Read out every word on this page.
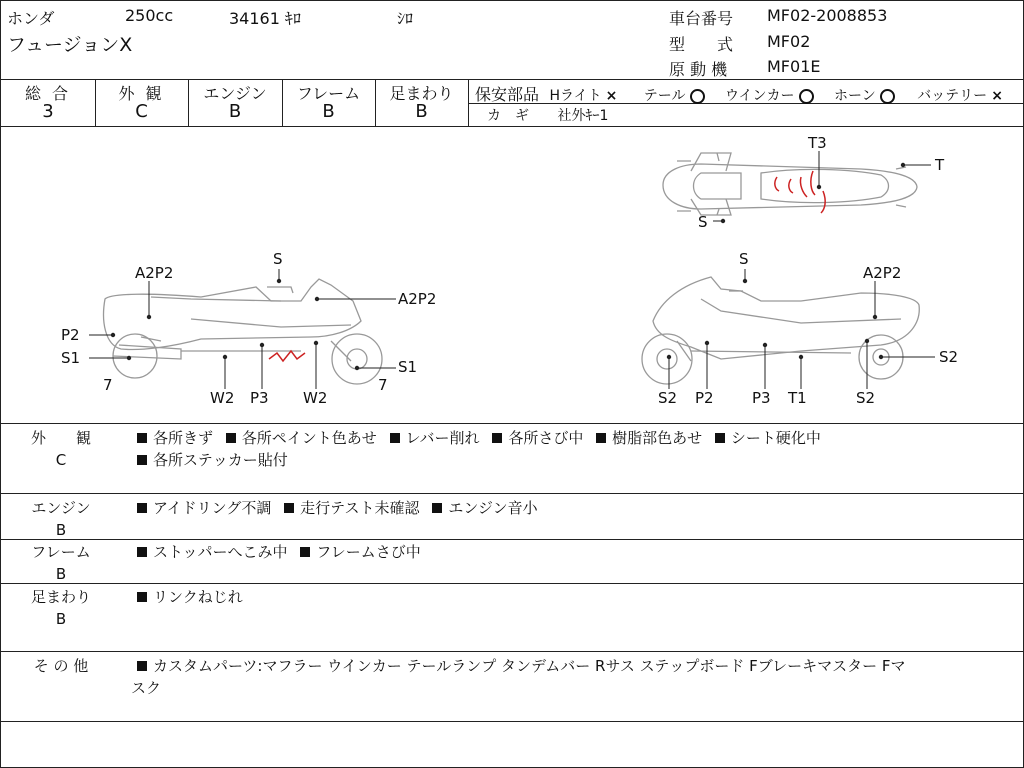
ホンダ	250cc	34161 ｷﾛ	ｼﾛ
フュージョンX
車台番号 MF02-2008853
型　　式 MF02
原 動 機 MF01E
総 合	外 観	エンジン	フレーム	足まわり
3	C	B	B	B
保安部品 Hライト × テール	ウインカー	ホーン	バッテリー ×
カ　ギ 社外ｷｰ1
T3
T
S
S
A2P2
A2P2
P2
S1	S1
7	7
W2 P3 W2
S
A2P2
S2
S2 P2	P3 T1	S2
外　　観
C
各所きず 各所ペイント色あせ レバー削れ 各所さび中 樹脂部色あせ シート硬化中
各所ステッカー貼付
エンジン
B
アイドリング不調 走行テスト未確認 エンジン音小
フレーム
B
ストッパーへこみ中 フレームさび中
足まわり
B
リンクねじれ
そ の 他	カスタムパーツ:マフラー ウインカー テールランプ タンデムバー Rサス ステップボード Fブレーキマスター Fマ
スク
